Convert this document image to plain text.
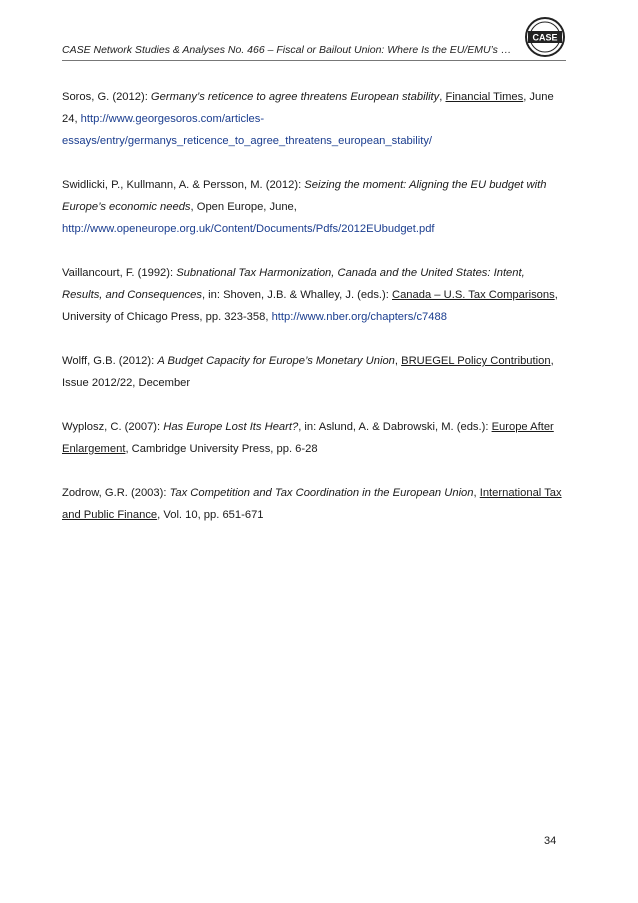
CASE Network Studies & Analyses No. 466 – Fiscal or Bailout Union: Where Is the EU/EMU’s …
CASE

Soros, G. (2012): Germany’s reticence to agree threatens European stability, Financial Times, June 24, http://www.georgesoros.com/articles-essays/entry/germanys_reticence_to_agree_threatens_european_stability/

Swidlicki, P., Kullmann, A. & Persson, M. (2012): Seizing the moment: Aligning the EU budget with Europe’s economic needs, Open Europe, June,
http://www.openeurope.org.uk/Content/Documents/Pdfs/2012EUbudget.pdf

Vaillancourt, F. (1992): Subnational Tax Harmonization, Canada and the United States: Intent, Results, and Consequences, in: Shoven, J.B. & Whalley, J. (eds.): Canada – U.S. Tax Comparisons, University of Chicago Press, pp. 323-358, http://www.nber.org/chapters/c7488

Wolff, G.B. (2012): A Budget Capacity for Europe’s Monetary Union, BRUEGEL Policy Contribution, Issue 2012/22, December

Wyplosz, C. (2007): Has Europe Lost Its Heart?, in: Aslund, A. & Dabrowski, M. (eds.): Europe After Enlargement, Cambridge University Press, pp. 6-28

Zodrow, G.R. (2003): Tax Competition and Tax Coordination in the European Union, International Tax and Public Finance, Vol. 10, pp. 651-671

34
